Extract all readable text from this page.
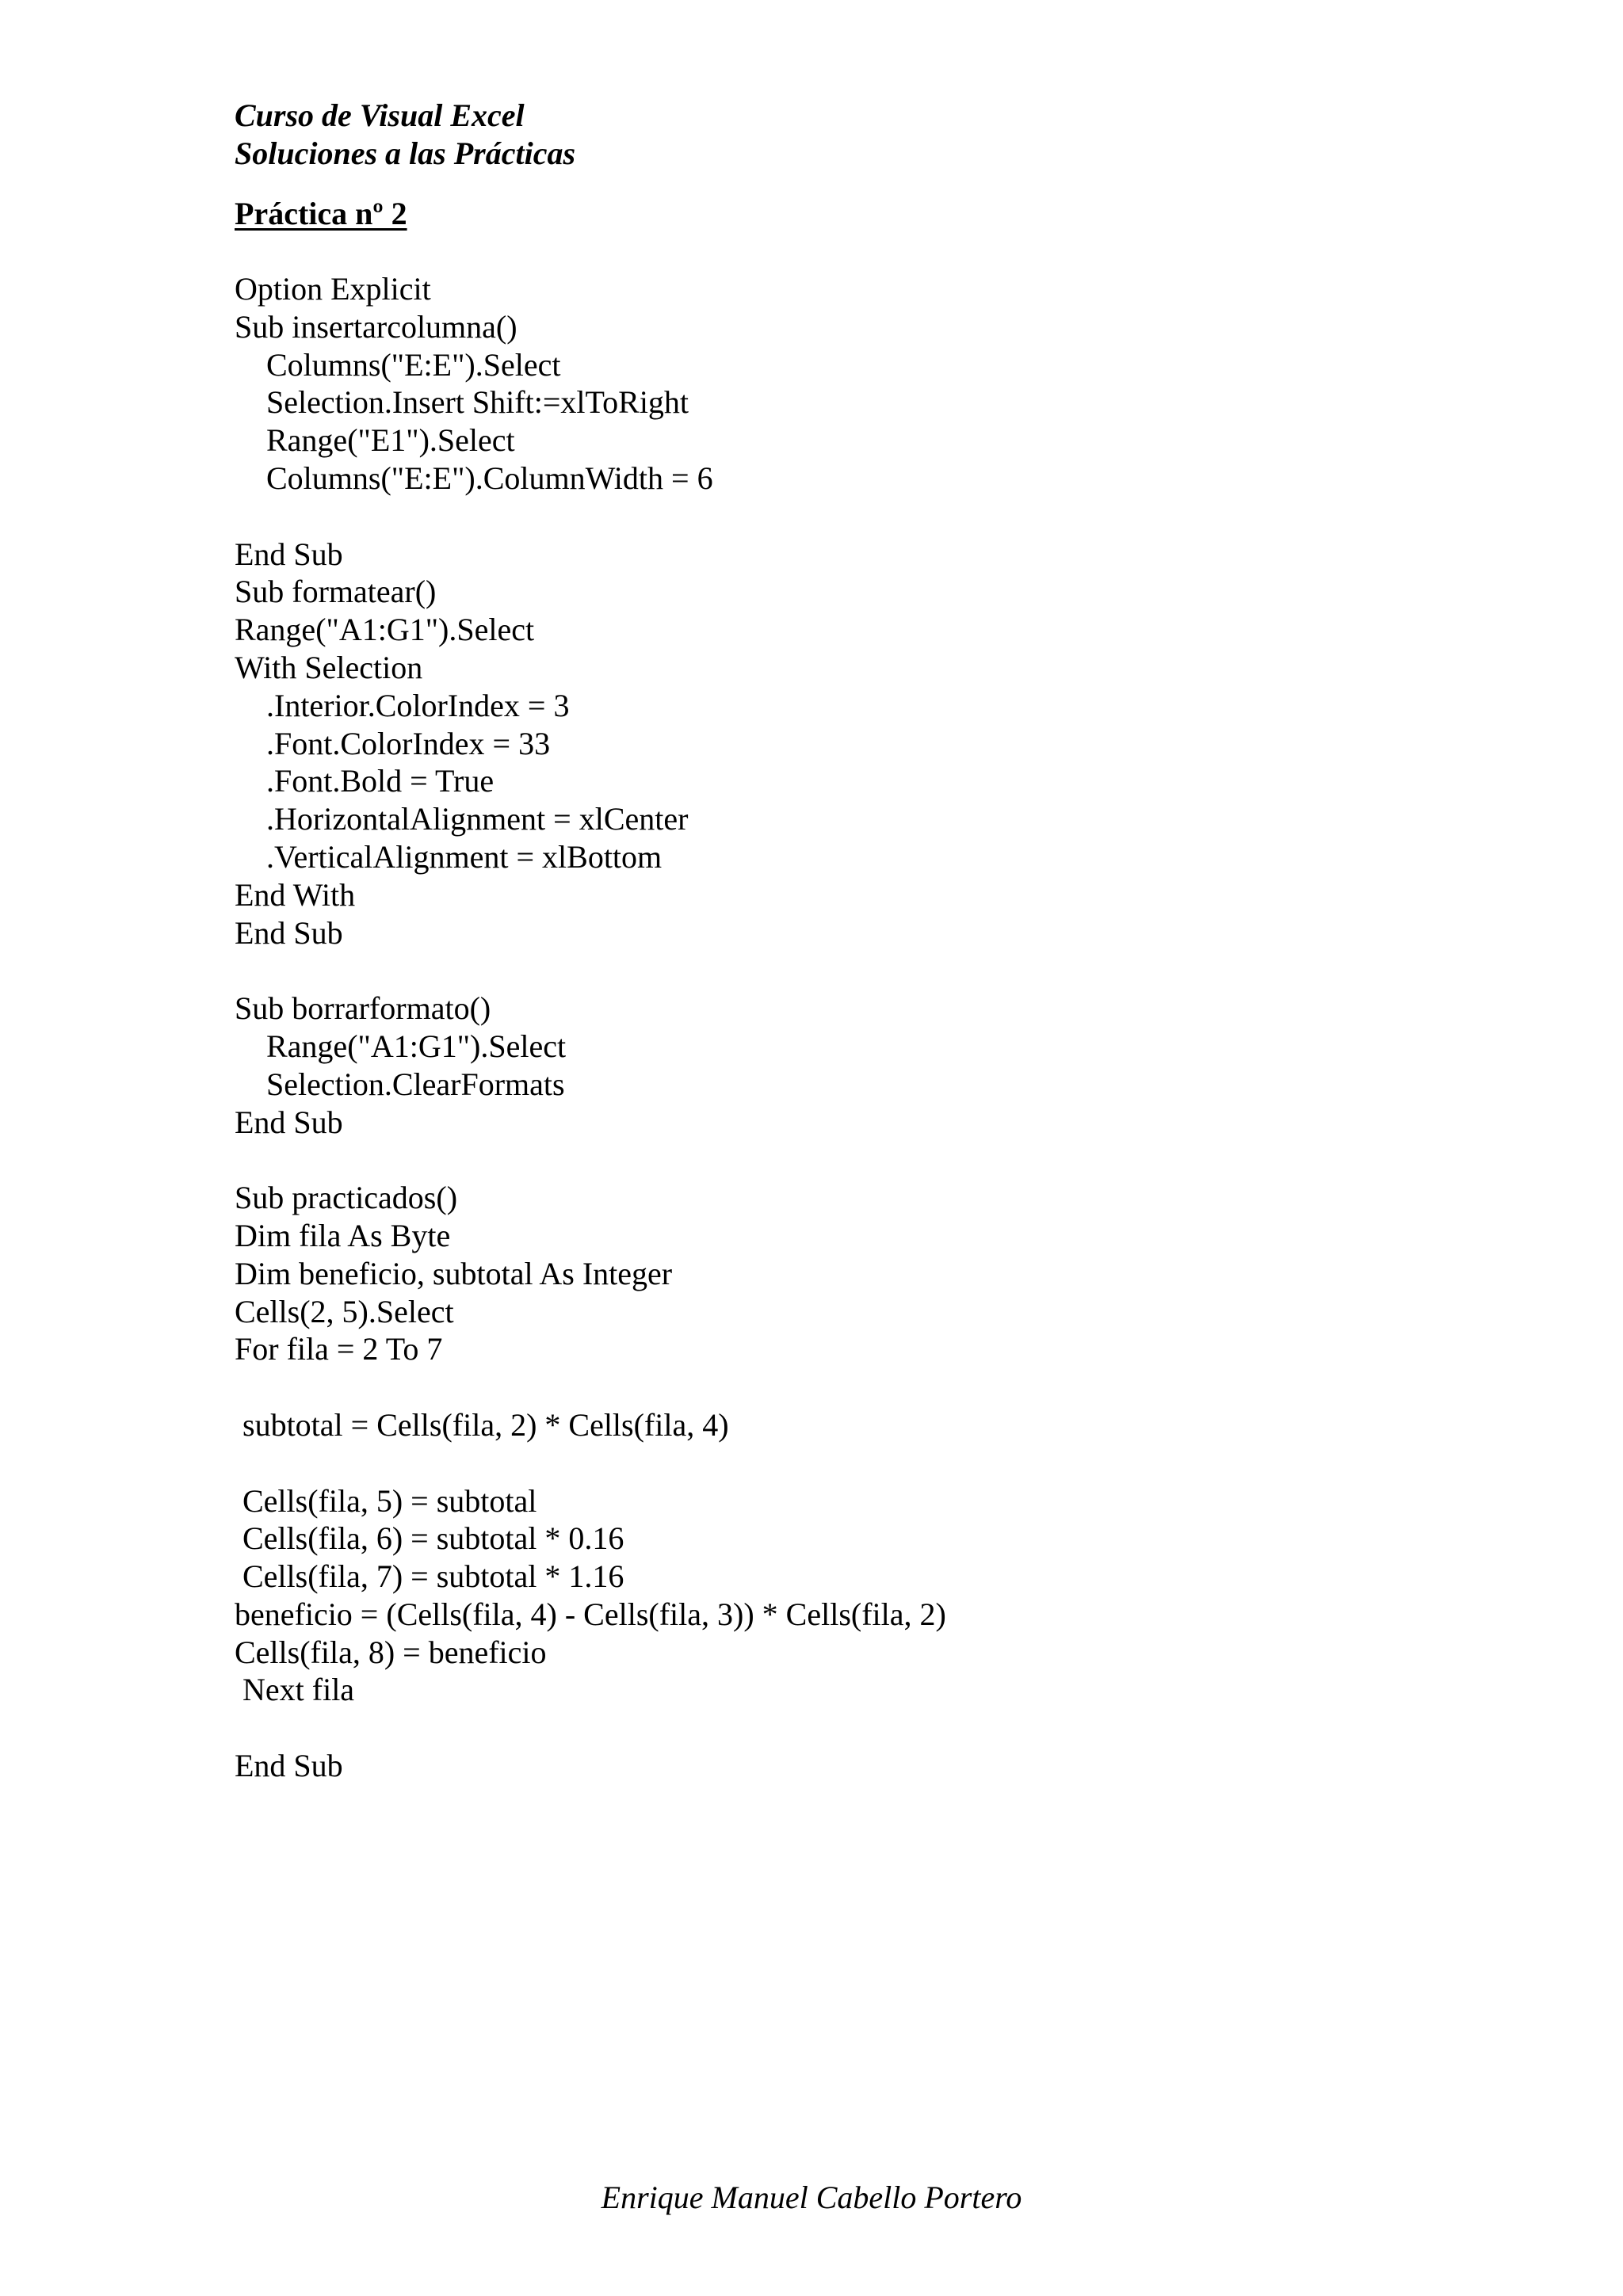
Curso de Visual Excel
Soluciones a las Prácticas
Práctica nº 2
Option Explicit
Sub insertarcolumna()
Columns("E:E").Select
Selection.Insert Shift:=xlToRight
Range("E1").Select
Columns("E:E").ColumnWidth = 6
End Sub
Sub formatear()
Range("A1:G1").Select
With Selection
.Interior.ColorIndex = 3
.Font.ColorIndex = 33
.Font.Bold = True
.HorizontalAlignment = xlCenter
.VerticalAlignment = xlBottom
End With
End Sub
Sub borrarformato()
Range("A1:G1").Select
Selection.ClearFormats
End Sub
Sub practicados()
Dim fila As Byte
Dim beneficio, subtotal As Integer
Cells(2, 5).Select
For fila = 2 To 7
subtotal = Cells(fila, 2) * Cells(fila, 4)
Cells(fila, 5) = subtotal
Cells(fila, 6) = subtotal * 0.16
Cells(fila, 7) = subtotal * 1.16
beneficio = (Cells(fila, 4) - Cells(fila, 3)) * Cells(fila, 2)
Cells(fila, 8) = beneficio
Next fila
End Sub
Enrique Manuel Cabello Portero
